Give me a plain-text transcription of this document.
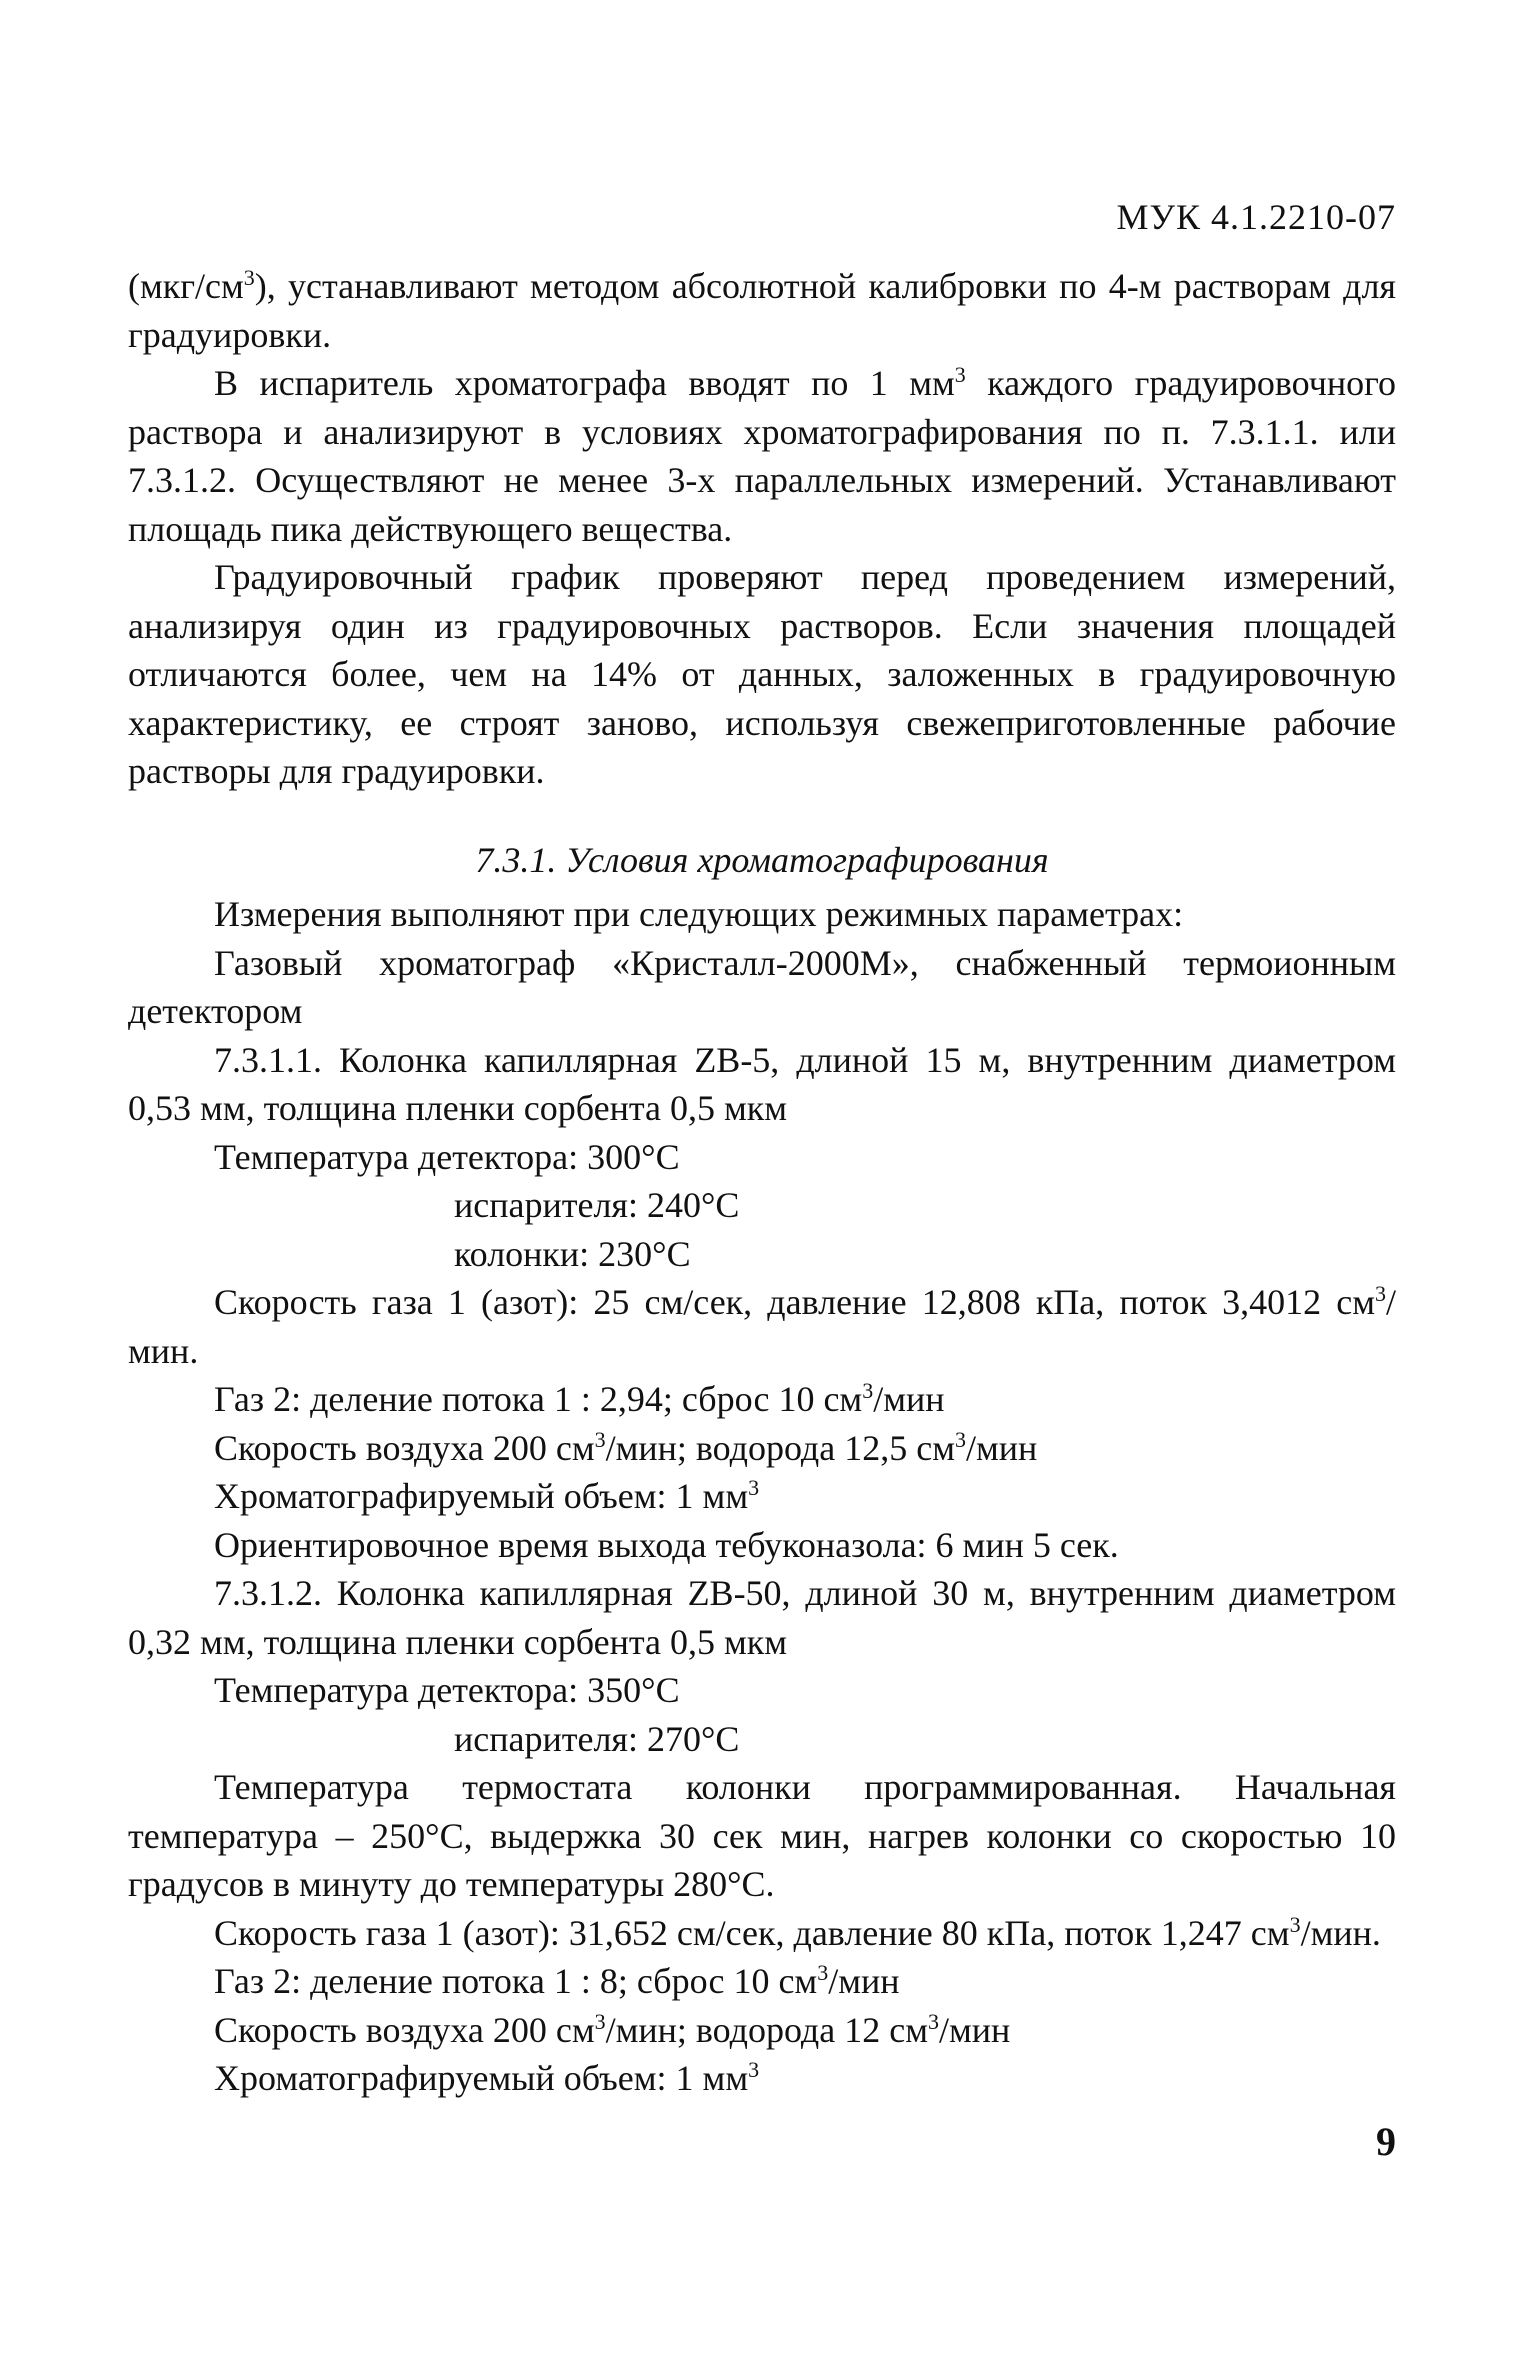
МУК 4.1.2210-07

$(мкг/см^3)$, устанавливают методом абсолютной калибровки по 4-м растворам для градуировки.

В испаритель хроматографа вводят по 1 $мм^3$ каждого градуировочного раствора и анализируют в условиях хроматографирования по п. 7.3.1.1. или 7.3.1.2. Осуществляют не менее 3-х параллельных измерений. Устанавливают площадь пика действующего вещества.

Градуировочный график проверяют перед проведением измерений, анализируя один из градуировочных растворов. Если значения площадей отличаются более, чем на 14% от данных, заложенных в градуировочную характеристику, ее строят заново, используя свежеприготовленные рабочие растворы для градуировки.

7.3.1. Условия хроматографирования

Измерения выполняют при следующих режимных параметрах:

Газовый хроматограф «Кристалл-2000М», снабженный термоионным детектором

7.3.1.1. Колонка капиллярная ZB-5, длиной 15 м, внутренним диаметром 0,53 мм, толщина пленки сорбента 0,5 мкм

Температура детектора: 300°С

испарителя: 240°С

колонки: 230°С

Скорость газа 1 (азот): 25 см/сек, давление 12,808 кПа, поток 3,4012 $см^3$/мин.

Газ 2: деление потока 1 : 2,94; сброс 10 $см^3$/мин

Скорость воздуха 200 $см^3$/мин; водорода 12,5 $см^3$/мин

Хроматографируемый объем: 1 $мм^3$

Ориентировочное время выхода тебуконазола: 6 мин 5 сек.

7.3.1.2. Колонка капиллярная ZB-50, длиной 30 м, внутренним диаметром 0,32 мм, толщина пленки сорбента 0,5 мкм

Температура детектора: 350°С

испарителя: 270°С

Температура термостата колонки программированная. Начальная температура – 250°С, выдержка 30 сек мин, нагрев колонки со скоростью 10 градусов в минуту до температуры 280°С.

Скорость газа 1 (азот): 31,652 см/сек, давление 80 кПа, поток 1,247 $см^3$/мин.

Газ 2: деление потока 1 : 8; сброс 10 $см^3$/мин

Скорость воздуха 200 $см^3$/мин; водорода 12 $см^3$/мин

Хроматографируемый объем: 1 $мм^3$

9
